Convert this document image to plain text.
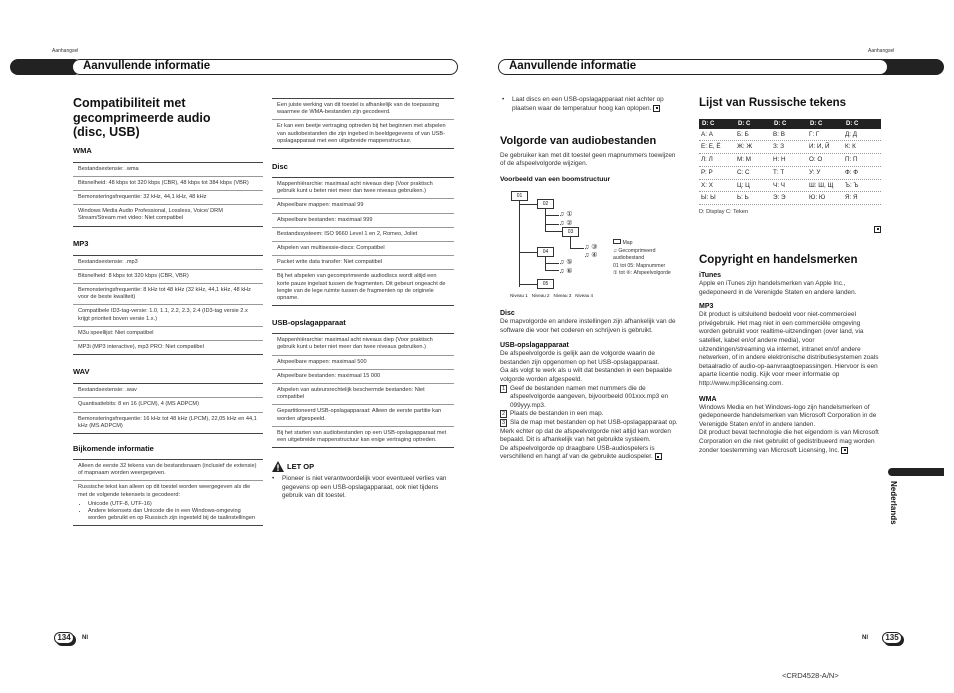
Aanhangsel
Aanvullende informatie
Compatibiliteit met
gecomprimeerde audio
(disc, USB)
WMA
Bestandsextensie: .wma
Bitsnelheid: 48 kbps tot 320 kbps (CBR), 48 kbps tot 384 kbps (VBR)
Bemonsteringsfrequentie: 32 kHz, 44,1 kHz, 48 kHz
Windows Media Audio Professional, Lossless, Voice/ DRM Stream/Stream met video: Niet compatibel
MP3
Bestandsextensie: .mp3
Bitsnelheid: 8 kbps tot 320 kbps (CBR, VBR)
Bemonsteringsfrequentie: 8 kHz tot 48 kHz (32 kHz, 44,1 kHz, 48 kHz voor de beste kwaliteit)
Compatibele ID3-tag-versie: 1.0, 1.1, 2.2, 2.3, 2.4 (ID3-tag versie 2.x krijgt prioriteit boven versie 1.x.)
M3u speellijst: Niet compatibel
MP3i (MP3 interactive), mp3 PRO: Niet compatibel
WAV
Bestandsextensie: .wav
Quantisatiebits: 8 en 16 (LPCM), 4 (MS ADPCM)
Bemonsteringsfrequentie: 16 kHz tot 48 kHz (LPCM), 22,05 kHz en 44,1 kHz (MS ADPCM)
Bijkomende informatie
Alleen de eerste 32 tekens van de bestandsnaam (inclusief de extensie) of mapnaam worden weergegeven.
Russische tekst kan alleen op dit toestel worden weergegeven als die met de volgende tekensets is gecodeerd:
• Unicode (UTF-8, UTF-16)
• Andere tekensets dan Unicode die in een Windows-omgeving worden gebruikt en op Russisch zijn ingesteld bij de taalinstellingen
Een juiste werking van dit toestel is afhankelijk van de toepassing waarmee de WMA-bestanden zijn gecodeerd.
Er kan een beetje vertraging optreden bij het beginnen met afspelen van audiobestanden die zijn ingebed in beeldgegevens of van USB-opslagapparaat met een uitgebreide mappenstructuur.
Disc
Mappenhiërarchie: maximaal acht niveaus diep (Voor praktisch gebruik kunt u beter niet meer dan twee niveaus gebruiken.)
Afspeelbare mappen: maximaal 99
Afspeelbare bestanden: maximaal 999
Bestandssysteem: ISO 9660 Level 1 en 2, Romeo, Joliet
Afspelen van multisessie-discs: Compatibel
Packet write data transfer: Niet compatibel
Bij het afspelen van gecomprimeerde audiodiscs wordt altijd een korte pauze ingelast tussen de fragmenten. Dit gebeurt ongeacht de lengte van de lege ruimte tussen de fragmenten op de originele opname.
USB-opslagapparaat
Mappenhiërarchie: maximaal acht niveaus diep (Voor praktisch gebruik kunt u beter niet meer dan twee niveaus gebruiken.)
Afspeelbare mappen: maximaal 500
Afspeelbare bestanden: maximaal 15 000
Afspelen van auteursrechtelijk beschermde bestanden: Niet compatibel
Gepartitioneerd USB-opslagapparaat: Alleen de eerste partitie kan worden afgespeeld.
Bij het starten van audiobestanden op een USB-opslagapparaat met een uitgebreide mappenstructuur kan enige vertraging optreden.
LET OP
•	Pioneer is niet verantwoordelijk voor eventueel verlies van gegevens op een USB-opslagapparaat, ook niet tijdens gebruik van dit toestel.
134	Nl
Aanhangsel
Aanvullende informatie
•	Laat discs en een USB-opslagapparaat niet achter op plaatsen waar de temperatuur hoog kan oplopen.
Volgorde van audiobestanden
De gebruiker kan met dit toestel geen mapnummers toewijzen of de afspeelvolgorde wijzigen.
Voorbeeld van een boomstructuur
01
02
03
04
05
♫ ①
♫ ②
♫ ③
♫ ④
♫ ⑤
♫ ⑥
Niveau 1 Niveau 2 Niveau 3 Niveau 4
Map
♫ Gecomprimeerd audiobestand
01 tot 05: Mapnummer
① tot ⑥: Afspeelvolgorde
Disc
De mapvolgorde en andere instellingen zijn afhankelijk van de software die voor het coderen en schrijven is gebruikt.
USB-opslagapparaat
De afspeelvolgorde is gelijk aan de volgorde waarin de bestanden zijn opgenomen op het USB-opslagapparaat.
Ga als volgt te werk als u wilt dat bestanden in een bepaalde volgorde worden afgespeeld.
1 Geef de bestanden namen met nummers die de afspeelvolgorde aangeven, bijvoorbeeld 001xxx.mp3 en 099yyy.mp3.
2 Plaats de bestanden in een map.
3 Sla de map met bestanden op het USB-opslagapparaat op.
Merk echter op dat de afspeelvolgorde niet altijd kan worden bepaald. Dit is afhankelijk van het gebruikte systeem.
De afspeelvolgorde op draagbare USB-audiospelers is verschillend en hangt af van de gebruikte audiospeler.
Lijst van Russische tekens
D: C	D: C	D: C	D: C	D: C
А: А	Б: Б	В: В	Г: Г	Д: Д
Е: Е, Ё	Ж: Ж	З: З	И: И, Й	К: К
Л: Л	М: М	Н: Н	О: О	П: П
Р: Р	С: С	Т: Т	У: У	Ф: Ф
Х: Х	Ц: Ц	Ч: Ч	Ш: Ш, Щ	Ъ: Ъ
Ы: Ы	Ь: Ь	Э: Э	Ю: Ю	Я: Я
D: Display C: Teken
Copyright en handelsmerken
iTunes
Apple en iTunes zijn handelsmerken van Apple Inc., gedeponeerd in de Verenigde Staten en andere landen.
MP3
Dit product is uitsluitend bedoeld voor niet-commercieel privégebruik. Het mag niet in een commerciële omgeving worden gebruikt voor realtime-uitzendingen (over land, via satelliet, kabel en/of andere media), voor uitzendingen/streaming via internet, intranet en/of andere netwerken, of in andere elektronische distributiesystemen zoals betaalradio of audio-op-aanvraagtoepassingen. Hiervoor is een aparte licentie nodig. Kijk voor meer informatie op
http://www.mp3licensing.com.
WMA
Windows Media en het Windows-logo zijn handelsmerken of gedeponeerde handelsmerken van Microsoft Corporation in de Verenigde Staten en/of in andere landen.
Dit product bevat technologie die het eigendom is van Microsoft Corporation en die niet gebruikt of gedistribueerd mag worden zonder toestemming van Microsoft Licensing, Inc.
Nederlands
Nl	135
<CRD4528-A/N>
